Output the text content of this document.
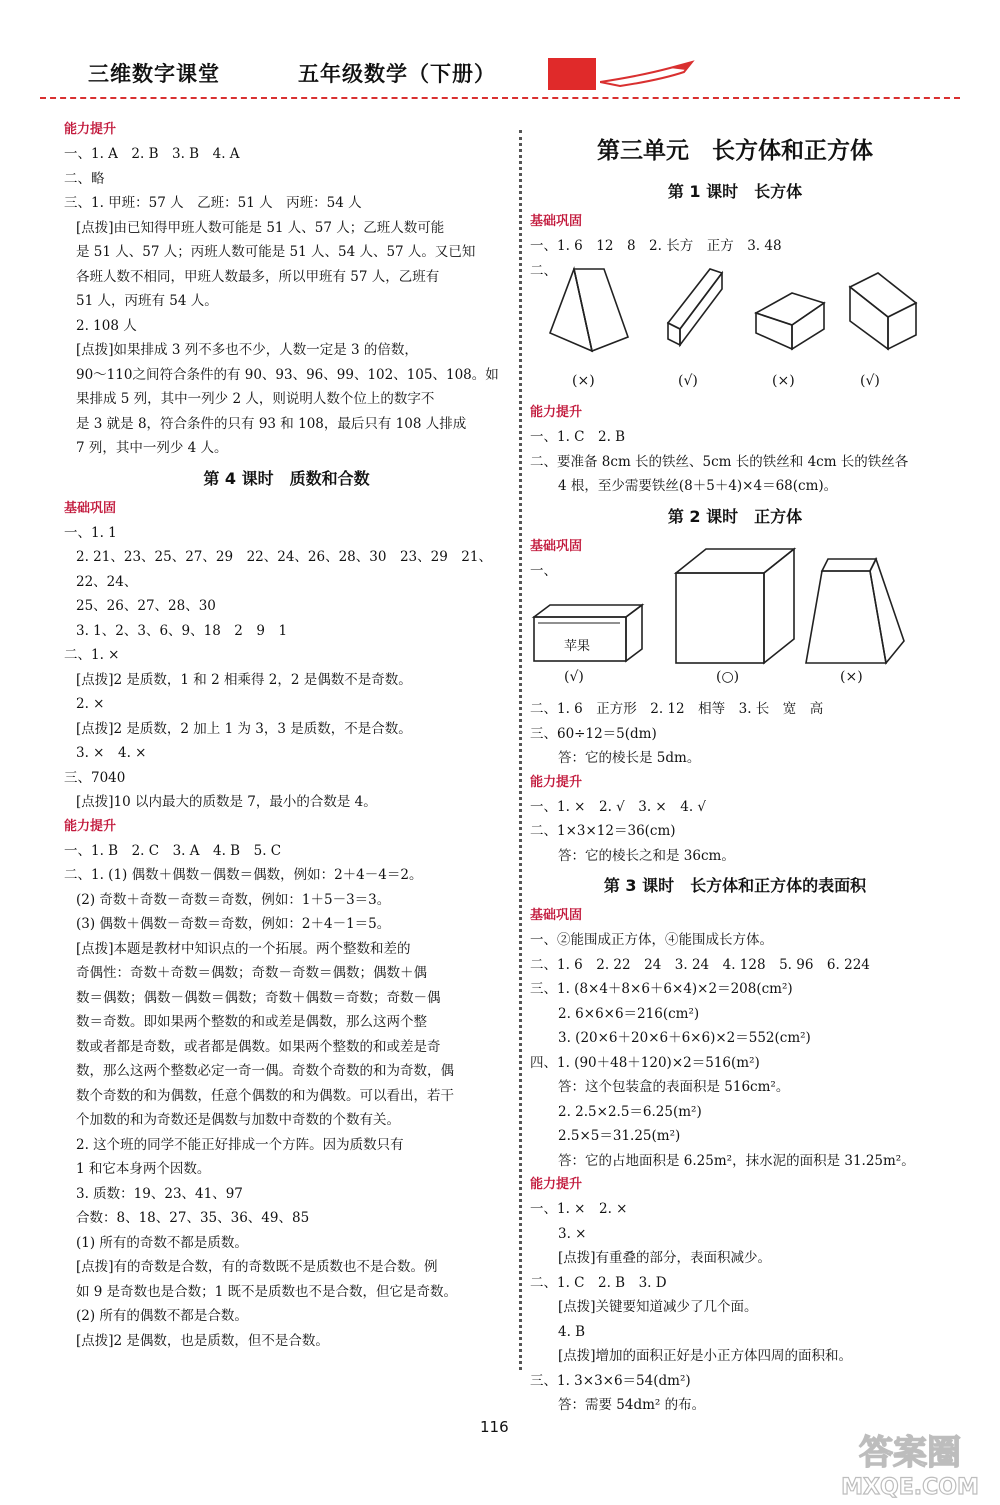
三维数字课堂	五年级数学（下册）
能力提升

一、1. A　2. B　3. B　4. A

二、略

三、1. 甲班：57 人　乙班：51 人　丙班：54 人

[点拨]由已知得甲班人数可能是 51 人、57 人；乙班人数可能

是 51 人、57 人；丙班人数可能是 51 人、54 人、57 人。又已知

各班人数不相同，甲班人数最多，所以甲班有 57 人，乙班有

51 人，丙班有 54 人。

2. 108 人

[点拨]如果排成 3 列不多也不少，人数一定是 3 的倍数，

90～110之间符合条件的有 90、93、96、99、102、105、108。如

果排成 5 列，其中一列少 2 人，则说明人数个位上的数字不

是 3 就是 8，符合条件的只有 93 和 108，最后只有 108 人排成

7 列，其中一列少 4 人。

第 4 课时　质数和合数
基础巩固

一、1. 1

2. 21、23、25、27、29　22、24、26、28、30　23、29　21、22、24、

25、26、27、28、30

3. 1、2、3、6、9、18　2　9　1

二、1. ×

[点拨]2 是质数，1 和 2 相乘得 2，2 是偶数不是奇数。

2. ×

[点拨]2 是质数，2 加上 1 为 3，3 是质数，不是合数。

3. ×　4. ×

三、7040

[点拨]10 以内最大的质数是 7，最小的合数是 4。

能力提升

一、1. B　2. C　3. A　4. B　5. C

二、1. (1) 偶数＋偶数－偶数＝偶数，例如：2＋4－4＝2。

(2) 奇数＋奇数－奇数＝奇数，例如：1＋5－3＝3。

(3) 偶数＋偶数－奇数＝奇数，例如：2＋4－1＝5。

[点拨]本题是教材中知识点的一个拓展。两个整数和差的

奇偶性：奇数＋奇数＝偶数；奇数－奇数＝偶数；偶数＋偶

数＝偶数；偶数－偶数＝偶数；奇数＋偶数＝奇数；奇数－偶

数＝奇数。即如果两个整数的和或差是偶数，那么这两个整

数或者都是奇数，或者都是偶数。如果两个整数的和或差是奇

数，那么这两个整数必定一奇一偶。奇数个奇数的和为奇数，偶

数个奇数的和为偶数，任意个偶数的和为偶数。可以看出，若干

个加数的和为奇数还是偶数与加数中奇数的个数有关。

2. 这个班的同学不能正好排成一个方阵。因为质数只有

1 和它本身两个因数。

3. 质数：19、23、41、97

合数：8、18、27、35、36、49、85

(1) 所有的奇数不都是质数。

[点拨]有的奇数是合数，有的奇数既不是质数也不是合数。例

如 9 是奇数也是合数；1 既不是质数也不是合数，但它是奇数。

(2) 所有的偶数不都是合数。

[点拨]2 是偶数，也是质数，但不是合数。

第三单元　长方体和正方体
第 1 课时　长方体
基础巩固

一、1. 6　12　8　2. 长方　正方　3. 48

二、

(×)	(√)	(×)	(√)
能力提升

一、1. C　2. B

二、要准备 8cm 长的铁丝、5cm 长的铁丝和 4cm 长的铁丝各

4 根，至少需要铁丝(8＋5＋4)×4＝68(cm)。

第 2 课时　正方体
基础巩固

一、

苹果
(√)	(○)	(×)

二、1. 6　正方形　2. 12　相等　3. 长　宽　高

三、60÷12＝5(dm)

答：它的棱长是 5dm。

能力提升

一、1. ×　2. √　3. ×　4. √

二、1×3×12＝36(cm)

答：它的棱长之和是 36cm。

第 3 课时　长方体和正方体的表面积
基础巩固

一、②能围成正方体，④能围成长方体。

二、1. 6　2. 22　24　3. 24　4. 128　5. 96　6. 224

三、1. (8×4＋8×6＋6×4)×2＝208(cm²)

2. 6×6×6＝216(cm²)

3. (20×6＋20×6＋6×6)×2＝552(cm²)

四、1. (90＋48＋120)×2＝516(m²)

答：这个包装盒的表面积是 516cm²。

2. 2.5×2.5＝6.25(m²)

2.5×5＝31.25(m²)

答：它的占地面积是 6.25m²，抹水泥的面积是 31.25m²。

能力提升

一、1. ×　2. ×

3. ×

[点拨]有重叠的部分，表面积减少。

二、1. C　2. B　3. D

[点拨]关键要知道减少了几个面。

4. B

[点拨]增加的面积正好是小正方体四周的面积和。

三、1. 3×3×6＝54(dm²)

答：需要 54dm² 的布。

116
答案圈
MXQE.COM
